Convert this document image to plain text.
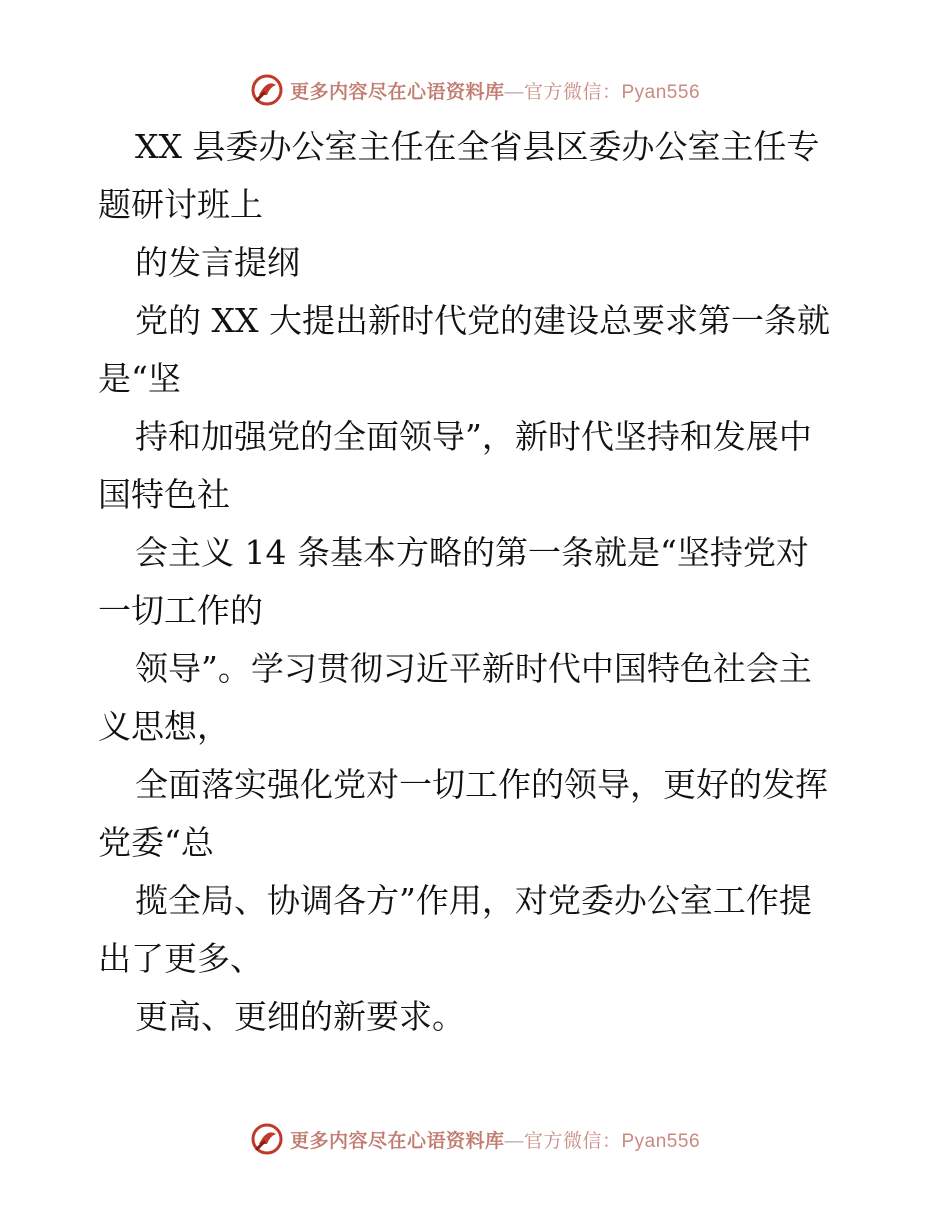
更多内容尽在心语资料库—官方微信：Pyan556
XX 县委办公室主任在全省县区委办公室主任专
题研讨班上
的发言提纲
党的 XX 大提出新时代党的建设总要求第一条就
是“坚
持和加强党的全面领导”，新时代坚持和发展中
国特色社
会主义 14 条基本方略的第一条就是“坚持党对
一切工作的
领导”。学习贯彻习近平新时代中国特色社会主
义思想，
全面落实强化党对一切工作的领导，更好的发挥
党委“总
揽全局、协调各方”作用，对党委办公室工作提
出了更多、
更高、更细的新要求。
更多内容尽在心语资料库—官方微信：Pyan556
